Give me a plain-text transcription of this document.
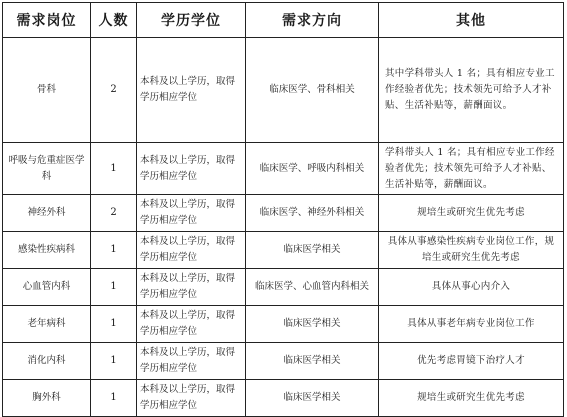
需求岗位	人数	学历学位	需求方向	其他
骨科	2	本科及以上学历，取得学历相应学位	临床医学、骨科相关	其中学科带头人 1 名；具有相应专业工作经验者优先；技术领先可给予人才补贴、生活补贴等，薪酬面议。
呼吸与危重症医学科	1	本科及以上学历，取得学历相应学位	临床医学、呼吸内科相关	学科带头人 1 名；具有相应专业工作经验者优先；技术领先可给予人才补贴、生活补贴等，薪酬面议。
神经外科	2	本科及以上学历，取得学历相应学位	临床医学、神经外科相关	规培生或研究生优先考虑
感染性疾病科	1	本科及以上学历，取得学历相应学位	临床医学相关	具体从事感染性疾病专业岗位工作，规培生或研究生优先考虑
心血管内科	1	本科及以上学历，取得学历相应学位	临床医学、心血管内科相关	具体从事心内介入
老年病科	1	本科及以上学历，取得学历相应学位	临床医学相关	具体从事老年病专业岗位工作
消化内科	1	本科及以上学历，取得学历相应学位	临床医学相关	优先考虑胃镜下治疗人才
胸外科	1	本科及以上学历，取得学历相应学位	临床医学相关	规培生或研究生优先考虑
